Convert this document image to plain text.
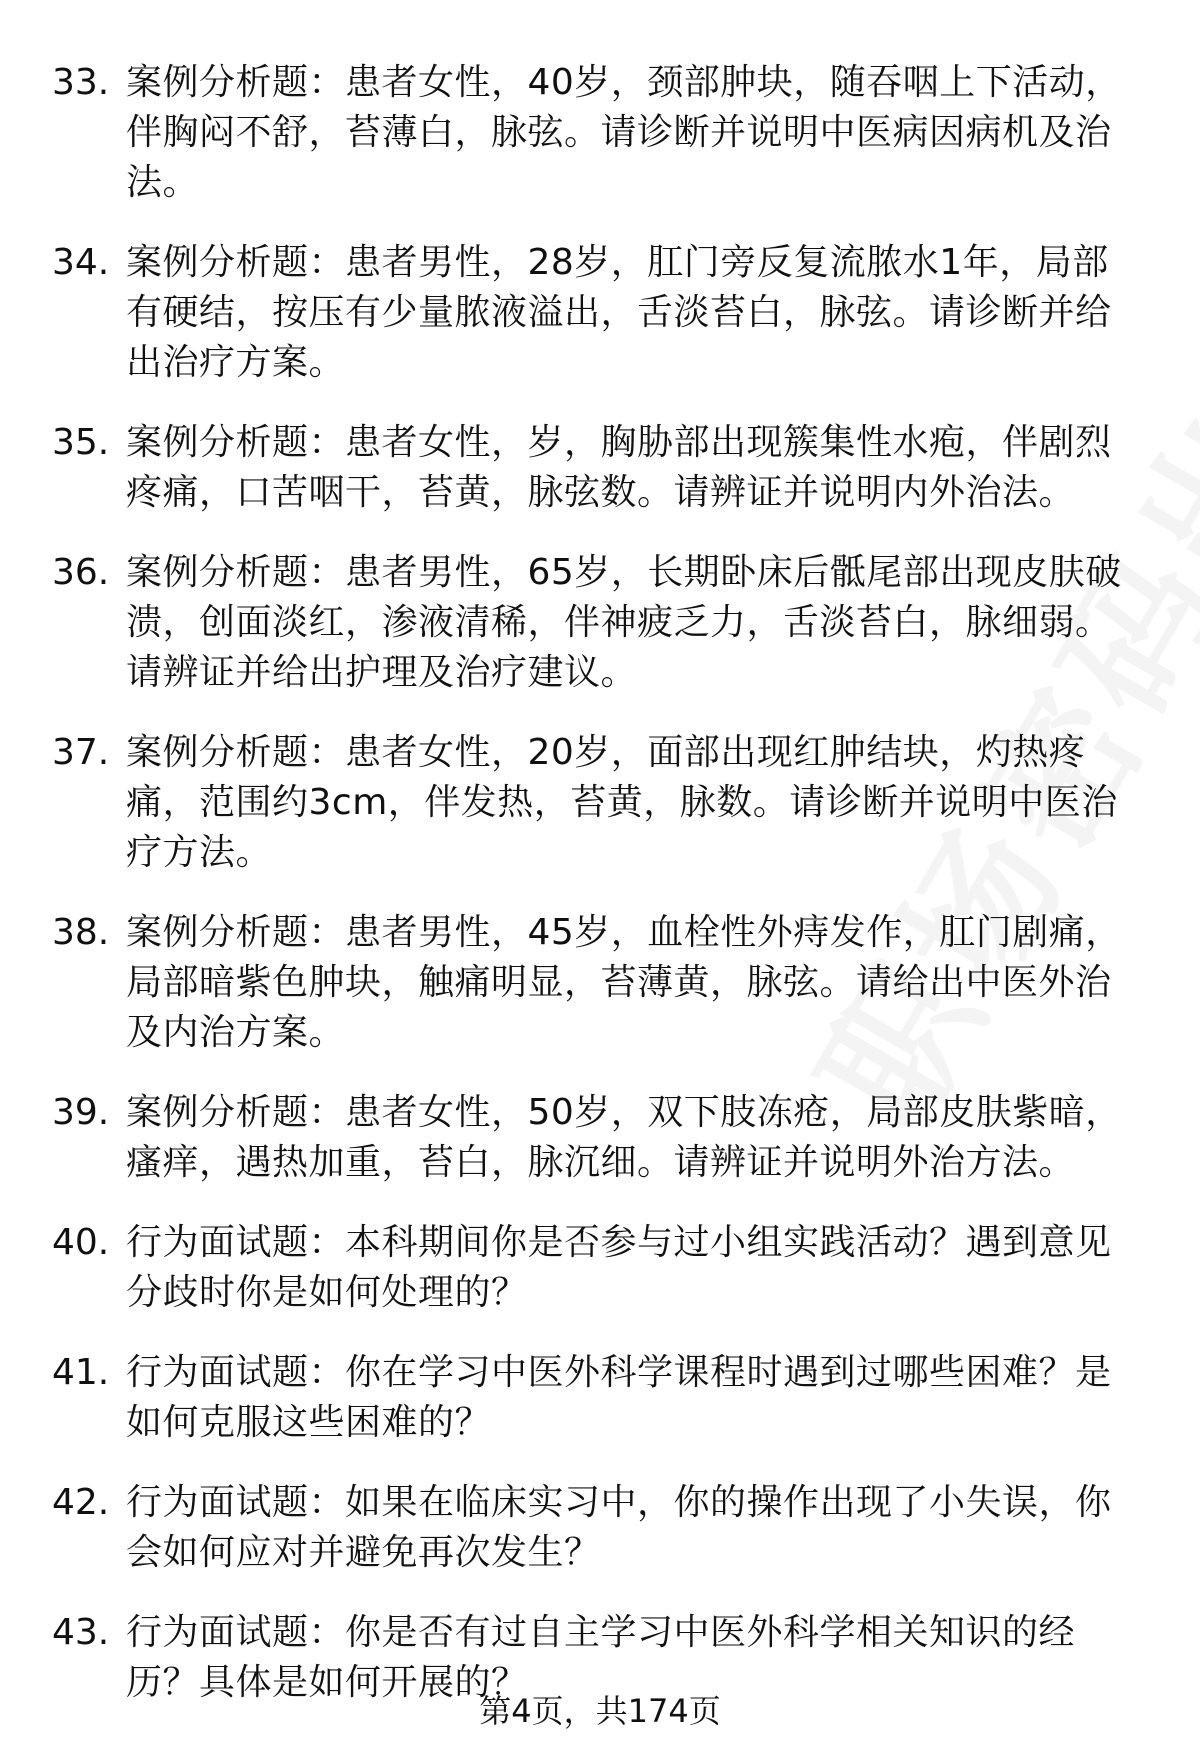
33. 案例分析题：患者女性，40岁，颈部肿块，随吞咽上下活动，伴胸闷不舒，苔薄白，脉弦。请诊断并说明中医病因病机及治法。
34. 案例分析题：患者男性，28岁，肛门旁反复流脓水1年，局部有硬结，按压有少量脓液溢出，舌淡苔白，脉弦。请诊断并给出治疗方案。
35. 案例分析题：患者女性，岁，胸胁部出现簇集性水疱，伴剧烈疼痛，口苦咽干，苔黄，脉弦数。请辨证并说明内外治法。
36. 案例分析题：患者男性，65岁，长期卧床后骶尾部出现皮肤破溃，创面淡红，渗液清稀，伴神疲乏力，舌淡苔白，脉细弱。请辨证并给出护理及治疗建议。
37. 案例分析题：患者女性，20岁，面部出现红肿结块，灼热疼痛，范围约3cm，伴发热，苔黄，脉数。请诊断并说明中医治疗方法。
38. 案例分析题：患者男性，45岁，血栓性外痔发作，肛门剧痛，局部暗紫色肿块，触痛明显，苔薄黄，脉弦。请给出中医外治及内治方案。
39. 案例分析题：患者女性，50岁，双下肢冻疮，局部皮肤紫暗，瘙痒，遇热加重，苔白，脉沉细。请辨证并说明外治方法。
40. 行为面试题：本科期间你是否参与过小组实践活动？遇到意见分歧时你是如何处理的？
41. 行为面试题：你在学习中医外科学课程时遇到过哪些困难？是如何克服这些困难的？
42. 行为面试题：如果在临床实习中，你的操作出现了小失误，你会如何应对并避免再次发生？
43. 行为面试题：你是否有过自主学习中医外科学相关知识的经历？具体是如何开展的？
第4页，共174页
